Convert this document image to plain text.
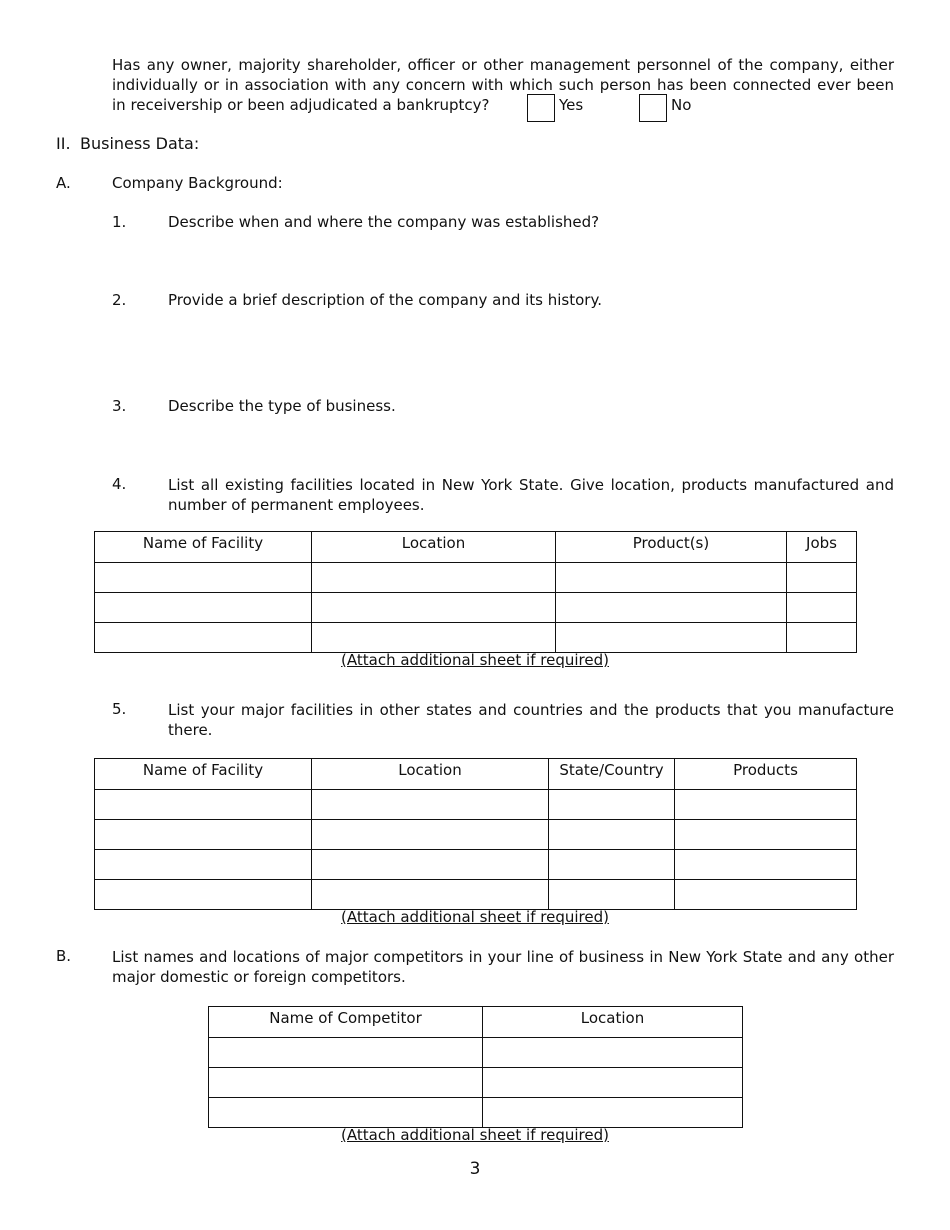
Has any owner, majority shareholder, officer or other management personnel of the company, either individually or in association with any concern with which such person has been connected ever been in receivership or been adjudicated a bankruptcy?	Yes	No
II. Business Data:
A.	Company Background:
1.	Describe when and where the company was established?
2.	Provide a brief description of the company and its history.
3.	Describe the type of business.
4.	List all existing facilities located in New York State. Give location, products manufactured and number of permanent employees.
Name of Facility	Location	Product(s)	Jobs

(Attach additional sheet if required)
5.	List your major facilities in other states and countries and the products that you manufacture there.
Name of Facility	Location	State/Country	Products

(Attach additional sheet if required)
B.	List names and locations of major competitors in your line of business in New York State and any other major domestic or foreign competitors.
Name of Competitor	Location

(Attach additional sheet if required)
3
